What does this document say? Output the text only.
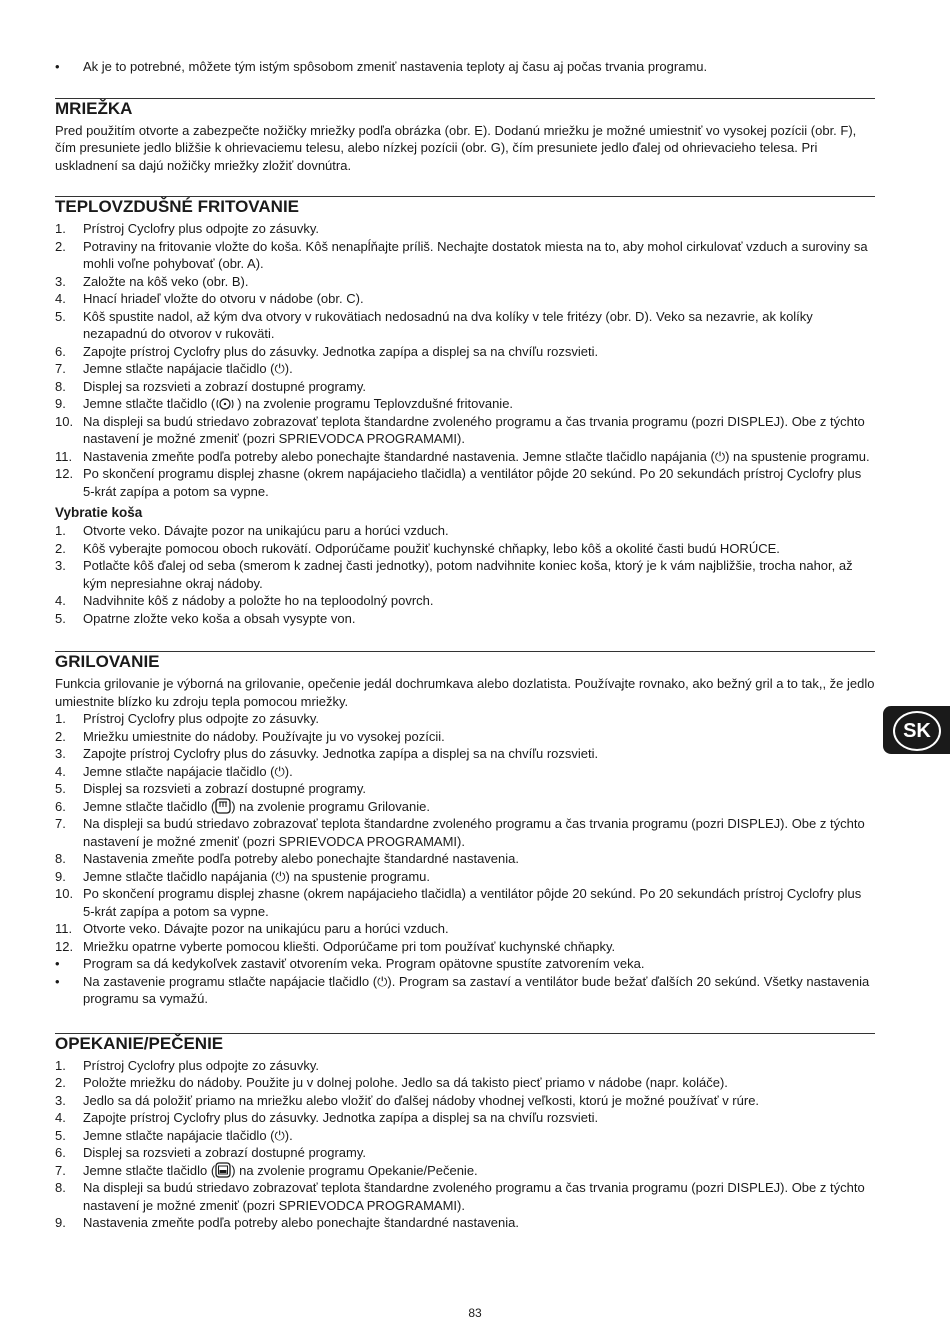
•	Ak je to potrebné, môžete tým istým spôsobom zmeniť nastavenia teploty aj času aj počas trvania programu.
MRIEŽKA

Pred použitím otvorte a zabezpečte nožičky mriežky podľa obrázka (obr. E). Dodanú mriežku je možné umiestniť vo vysokej pozícii (obr. F), čím presuniete jedlo bližšie k ohrievaciemu telesu, alebo nízkej pozícii (obr. G), čím presuniete jedlo ďalej od ohrievacieho telesa. Pri uskladnení sa dajú nožičky mriežky zložiť dovnútra.

TEPLOVZDUŠNÉ FRITOVANIE
1.	Prístroj Cyclofry plus odpojte zo zásuvky.
2.	Potraviny na fritovanie vložte do koša. Kôš nenapĺňajte príliš. Nechajte dostatok miesta na to, aby mohol cirkulovať vzduch a suroviny sa mohli voľne pohybovať (obr. A).
3.	Založte na kôš veko (obr. B).
4.	Hnací hriadeľ vložte do otvoru v nádobe (obr. C).
5.	Kôš spustite nadol, až kým dva otvory v rukovätiach nedosadnú na dva kolíky v tele fritézy (obr. D). Veko sa nezavrie, ak kolíky nezapadnú do otvorov v rukoväti.
6.	Zapojte prístroj Cyclofry plus do zásuvky. Jednotka zapípa a displej sa na chvíľu rozsvieti.
7.	Jemne stlačte napájacie tlačidlo (⏻).
8.	Displej sa rozsvieti a zobrazí dostupné programy.
9.	Jemne stlačte tlačidlo ( ) na zvolenie programu Teplovzdušné fritovanie.
10. Na displeji sa budú striedavo zobrazovať teplota štandardne zvoleného programu a čas trvania programu (pozri DISPLEJ). Obe z týchto nastavení je možné zmeniť (pozri SPRIEVODCA PROGRAMAMI).
11. Nastavenia zmeňte podľa potreby alebo ponechajte štandardné nastavenia. Jemne stlačte tlačidlo napájania (⏻) na spustenie programu.
12. Po skončení programu displej zhasne (okrem napájacieho tlačidla) a ventilátor pôjde 20 sekúnd. Po 20 sekundách prístroj Cyclofry plus 5-krát zapípa a potom sa vypne.
Vybratie koša
1.	Otvorte veko. Dávajte pozor na unikajúcu paru a horúci vzduch.
2.	Kôš vyberajte pomocou oboch rukovätí. Odporúčame použiť kuchynské chňapky, lebo kôš a okolité časti budú HORÚCE.
3.	Potlačte kôš ďalej od seba (smerom k zadnej časti jednotky), potom nadvihnite koniec koša, ktorý je k vám najbližšie, trocha nahor, až kým nepresiahne okraj nádoby.
4.	Nadvihnite kôš z nádoby a položte ho na teploodolný povrch.
5.	Opatrne zložte veko koša a obsah vysypte von.
GRILOVANIE

Funkcia grilovanie je výborná na grilovanie, opečenie jedál dochrumkava alebo dozlatista. Používajte rovnako, ako bežný gril a to tak,, že jedlo umiestnite blízko ku zdroju tepla pomocou mriežky.

1.	Prístroj Cyclofry plus odpojte zo zásuvky.
2.	Mriežku umiestnite do nádoby. Používajte ju vo vysokej pozícii.
3.	Zapojte prístroj Cyclofry plus do zásuvky. Jednotka zapípa a displej sa na chvíľu rozsvieti.
4.	Jemne stlačte napájacie tlačidlo (⏻).
5.	Displej sa rozsvieti a zobrazí dostupné programy.
6.	Jemne stlačte tlačidlo ( ) na zvolenie programu Grilovanie.
7.	Na displeji sa budú striedavo zobrazovať teplota štandardne zvoleného programu a čas trvania programu (pozri DISPLEJ). Obe z týchto nastavení je možné zmeniť (pozri SPRIEVODCA PROGRAMAMI).
8.	Nastavenia zmeňte podľa potreby alebo ponechajte štandardné nastavenia.
9.	Jemne stlačte tlačidlo napájania (⏻) na spustenie programu.
10. Po skončení programu displej zhasne (okrem napájacieho tlačidla) a ventilátor pôjde 20 sekúnd. Po 20 sekundách prístroj Cyclofry plus 5-krát zapípa a potom sa vypne.
11. Otvorte veko. Dávajte pozor na unikajúcu paru a horúci vzduch.
12. Mriežku opatrne vyberte pomocou kliešti. Odporúčame pri tom používať kuchynské chňapky.
•	Program sa dá kedykoľvek zastaviť otvorením veka. Program opätovne spustíte zatvorením veka.
•	Na zastavenie programu stlačte napájacie tlačidlo (⏻). Program sa zastaví a ventilátor bude bežať ďalších 20 sekúnd. Všetky nastavenia programu sa vymažú.
OPEKANIE/PEČENIE
1.	Prístroj Cyclofry plus odpojte zo zásuvky.
2.	Položte mriežku do nádoby. Použite ju v dolnej polohe. Jedlo sa dá takisto piecť priamo v nádobe (napr. koláče).
3.	Jedlo sa dá položiť priamo na mriežku alebo vložiť do ďalšej nádoby vhodnej veľkosti, ktorú je možné používať v rúre.
4.	Zapojte prístroj Cyclofry plus do zásuvky. Jednotka zapípa a displej sa na chvíľu rozsvieti.
5.	Jemne stlačte napájacie tlačidlo (⏻).
6.	Displej sa rozsvieti a zobrazí dostupné programy.
7.	Jemne stlačte tlačidlo ( ) na zvolenie programu Opekanie/Pečenie.
8.	Na displeji sa budú striedavo zobrazovať teplota štandardne zvoleného programu a čas trvania programu (pozri DISPLEJ). Obe z týchto nastavení je možné zmeniť (pozri SPRIEVODCA PROGRAMAMI).
9.	Nastavenia zmeňte podľa potreby alebo ponechajte štandardné nastavenia.
SK
83
